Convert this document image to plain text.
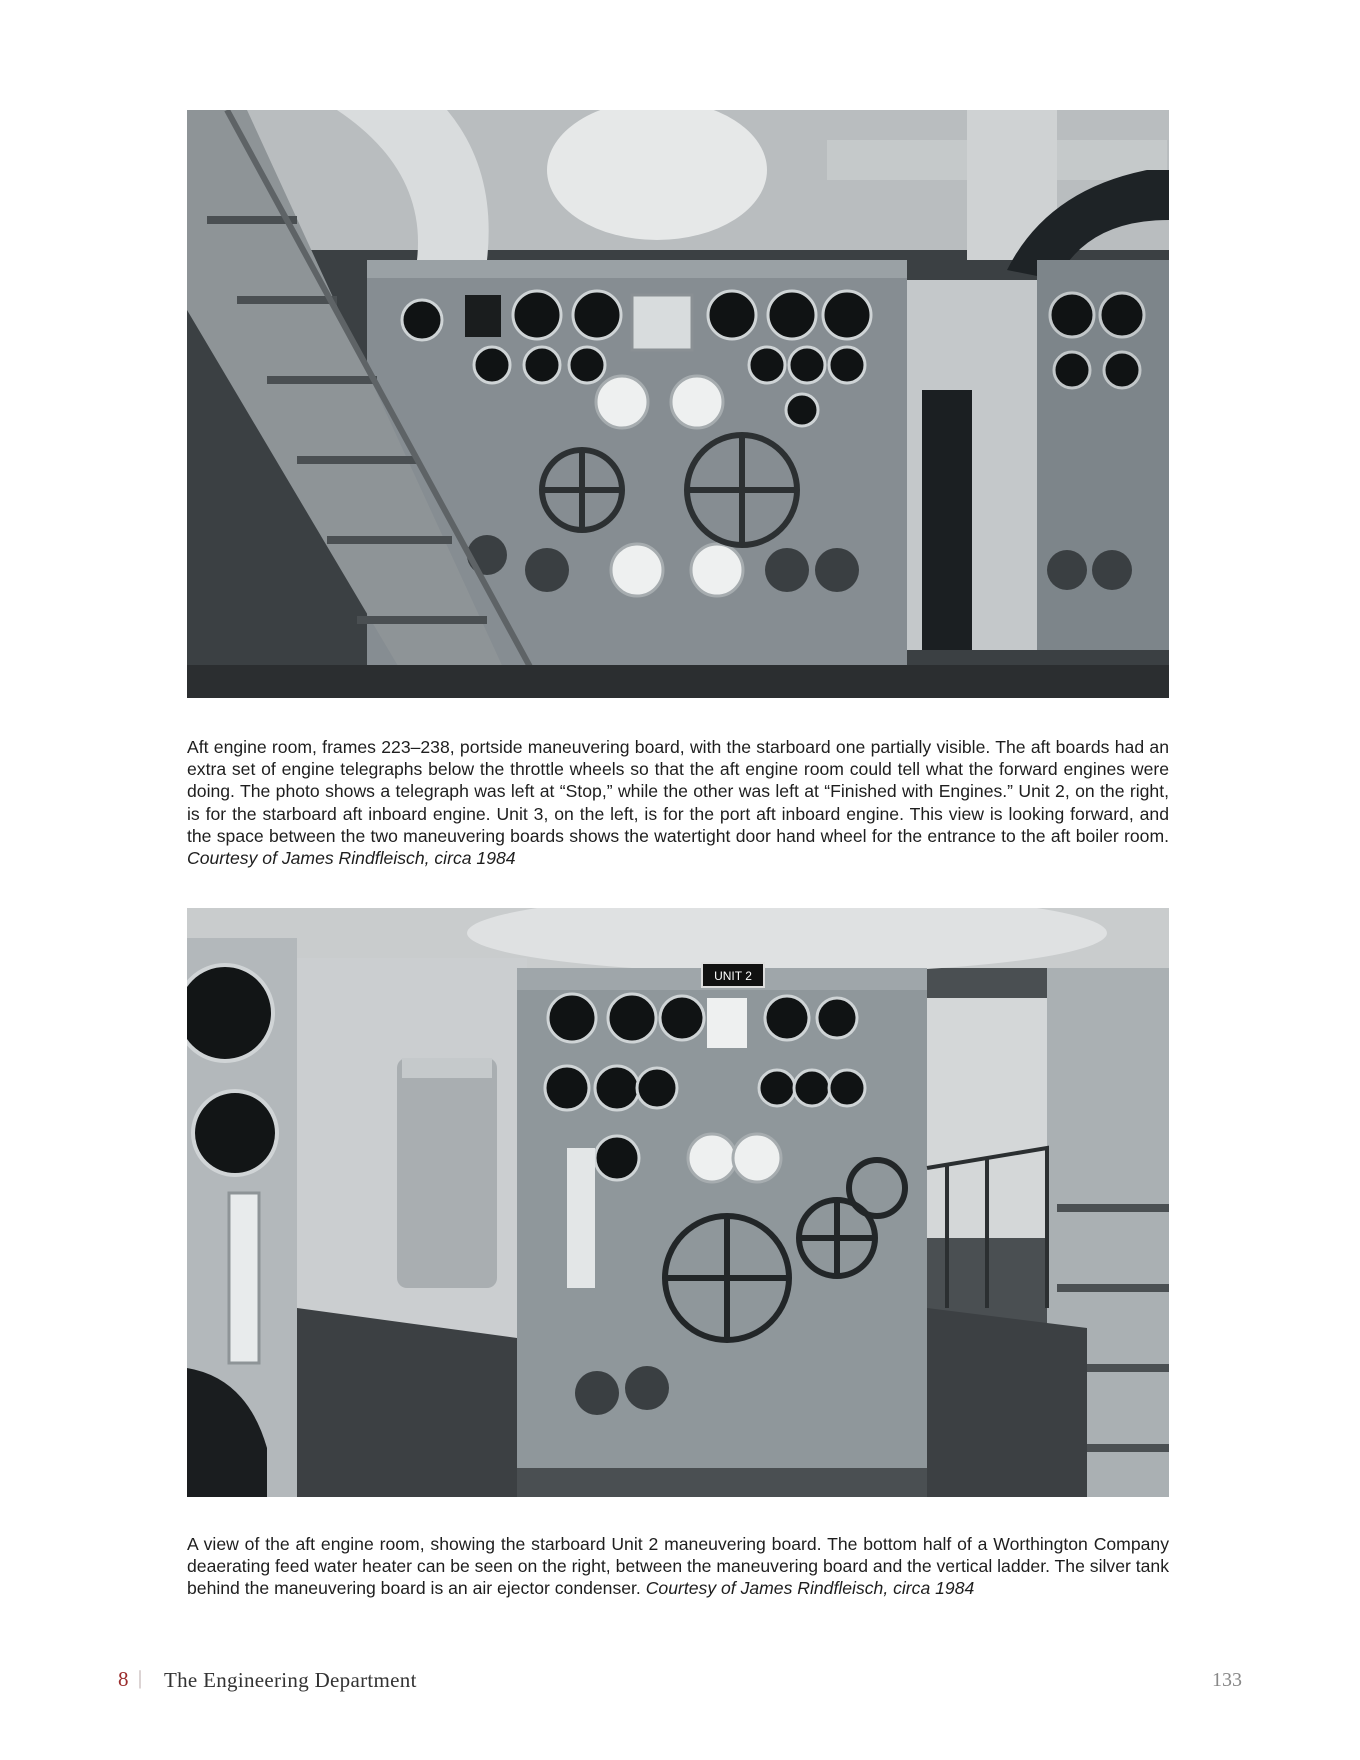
Aft engine room, frames 223–238, portside maneuvering board, with the starboard one partially visible. The aft boards had an extra set of engine telegraphs below the throttle wheels so that the aft engine room could tell what the forward engines were doing. The photo shows a telegraph was left at “Stop,” while the other was left at “Finished with Engines.” Unit 2, on the right, is for the starboard aft inboard engine. Unit 3, on the left, is for the port aft inboard engine. This view is looking forward, and the space between the two maneuvering boards shows the watertight door hand wheel for the entrance to the aft boiler room. Courtesy of James Rindfleisch, circa 1984

UNIT 2

A view of the aft engine room, showing the starboard Unit 2 maneuvering board. The bottom half of a Worthington Company deaerating feed water heater can be seen on the right, between the maneuvering board and the vertical ladder. The silver tank behind the maneuvering board is an air ejector condenser. Courtesy of James Rindfleisch, circa 1984

8 | The Engineering Department	133
